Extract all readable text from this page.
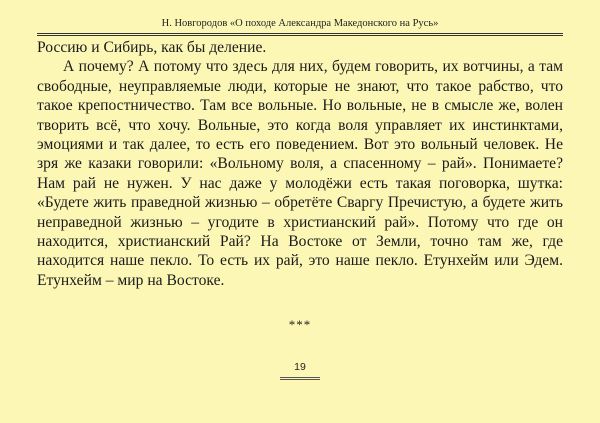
Н. Новгородов «О походе Александра Македонского на Русь»

Россию и Сибирь, как бы деление.

А почему? А потому что здесь для них, будем говорить, их вотчины, а там свободные, неуправляемые люди, которые не знают, что такое рабство, что такое крепостничество. Там все вольные. Но вольные, не в смысле же, волен творить всё, что хочу. Вольные, это когда воля управляет их инстинктами, эмоциями и так далее, то есть его поведением. Вот это вольный человек. Не зря же казаки говорили: «Вольному воля, а спасенному – рай». Понимаете? Нам рай не нужен. У нас даже у молодёжи есть такая поговорка, шутка: «Будете жить праведной жизнью – обретёте Сваргу Пречистую, а будете жить неправедной жизнью – угодите в христианский рай». Потому что где он находится, христианский Рай? На Востоке от Земли, точно там же, где находится наше пекло. То есть их рай, это наше пекло. Етунхейм или Эдем. Етунхейм – мир на Востоке.

***
19
